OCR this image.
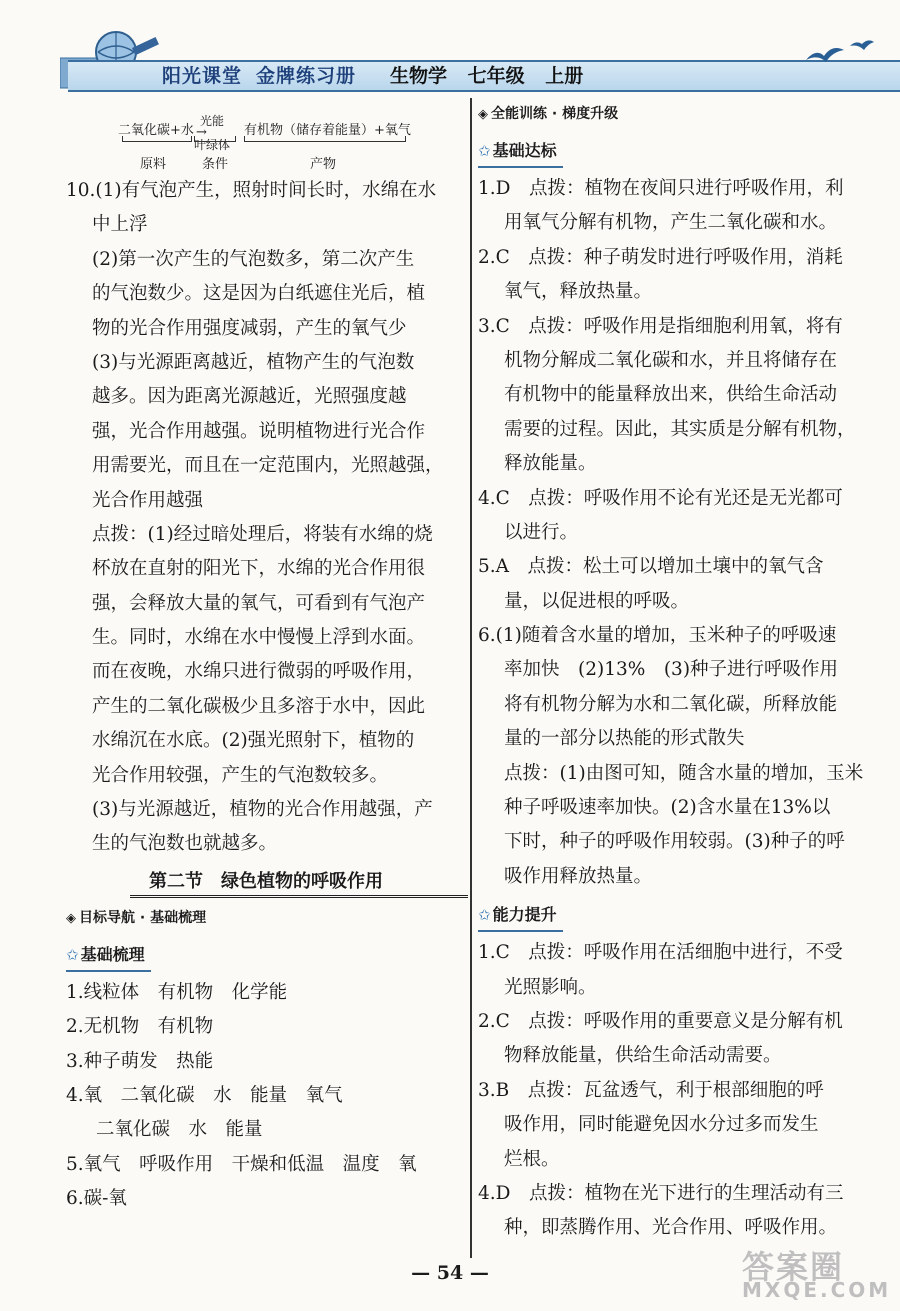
阳光课堂 金牌练习册 生物学 七年级 上册
二氧化碳+水
光能
→
叶绿体
有机物（储存着能量）+氧气
原料	条件	产物
10.(1)有气泡产生，照射时间长时，水绵在水
中上浮
(2)第一次产生的气泡数多，第二次产生
的气泡数少。这是因为白纸遮住光后，植
物的光合作用强度减弱，产生的氧气少
(3)与光源距离越近，植物产生的气泡数
越多。因为距离光源越近，光照强度越
强，光合作用越强。说明植物进行光合作
用需要光，而且在一定范围内，光照越强，
光合作用越强
点拨：(1)经过暗处理后，将装有水绵的烧
杯放在直射的阳光下，水绵的光合作用很
强，会释放大量的氧气，可看到有气泡产
生。同时，水绵在水中慢慢上浮到水面。
而在夜晚，水绵只进行微弱的呼吸作用，
产生的二氧化碳极少且多溶于水中，因此
水绵沉在水底。(2)强光照射下，植物的
光合作用较强，产生的气泡数较多。
(3)与光源越近，植物的光合作用越强，产
生的气泡数也就越多。
第二节　绿色植物的呼吸作用
◈ 目标导航 · 基础梳理
✩ 基础梳理
1.线粒体　有机物　化学能
2.无机物　有机物
3.种子萌发　热能
4.氧　二氧化碳　水　能量　氧气
二氧化碳　水　能量
5.氧气　呼吸作用　干燥和低温　温度　氧
6.碳-氧
◈ 全能训练 · 梯度升级
✩ 基础达标
1.D　点拨：植物在夜间只进行呼吸作用，利
用氧气分解有机物，产生二氧化碳和水。
2.C　点拨：种子萌发时进行呼吸作用，消耗
氧气，释放热量。
3.C　点拨：呼吸作用是指细胞利用氧，将有
机物分解成二氧化碳和水，并且将储存在
有机物中的能量释放出来，供给生命活动
需要的过程。因此，其实质是分解有机物，
释放能量。
4.C　点拨：呼吸作用不论有光还是无光都可
以进行。
5.A　点拨：松土可以增加土壤中的氧气含
量，以促进根的呼吸。
6.(1)随着含水量的增加，玉米种子的呼吸速
率加快　(2)13%　(3)种子进行呼吸作用
将有机物分解为水和二氧化碳，所释放能
量的一部分以热能的形式散失
点拨：(1)由图可知，随含水量的增加，玉米
种子呼吸速率加快。(2)含水量在13%以
下时，种子的呼吸作用较弱。(3)种子的呼
吸作用释放热量。
✩ 能力提升
1.C　点拨：呼吸作用在活细胞中进行，不受
光照影响。
2.C　点拨：呼吸作用的重要意义是分解有机
物释放能量，供给生命活动需要。
3.B　点拨：瓦盆透气，利于根部细胞的呼
吸作用，同时能避免因水分过多而发生
烂根。
4.D　点拨：植物在光下进行的生理活动有三
种，即蒸腾作用、光合作用、呼吸作用。
— 54 —	答案圈
MXQE.COM
